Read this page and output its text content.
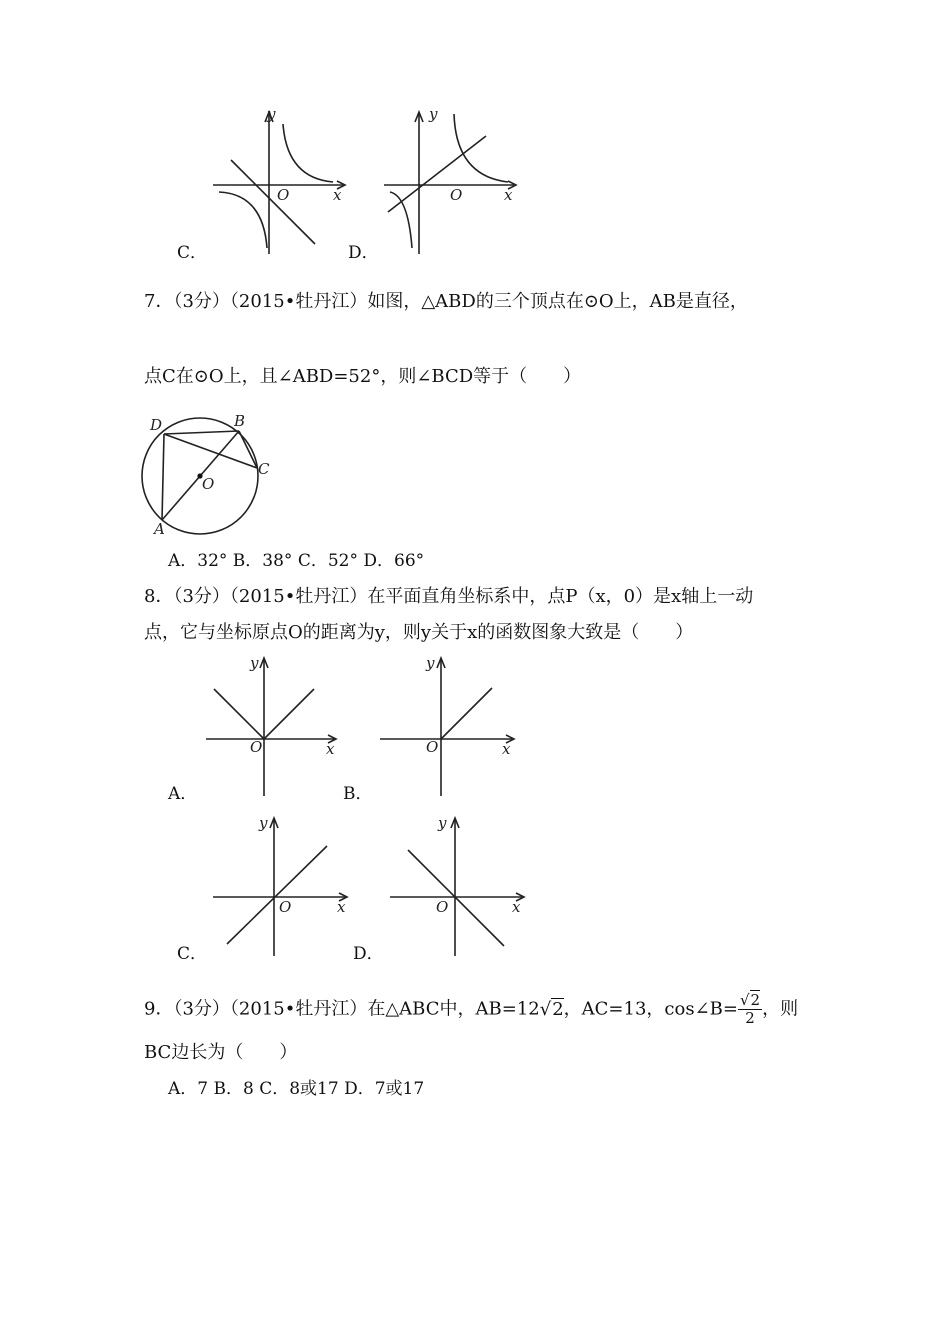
y
x
O
C．
y
x
O
D．
7．（3分）（2015•牡丹江）如图，△ABD的三个顶点在⊙O上，AB是直径，
点C在⊙O上，且∠ABD=52°，则∠BCD等于（　　）
D	B
C
O
A
A．32° B．38° C．52° D．66°
8．（3分）（2015•牡丹江）在平面直角坐标系中，点P（x，0）是x轴上一动
点，它与坐标原点O的距离为y，则y关于x的函数图象大致是（　　）
y
x
O
A．
y
x
O
B．
y
x
O
C．
y
x
O
D．
9．（3分）（2015•牡丹江）在△ABC中，AB=12√2，AC=13，cos∠B= $\frac{√2}{2}$ ，则
BC边长为（　　）
A．7 B．8 C．8或17 D．7或17
